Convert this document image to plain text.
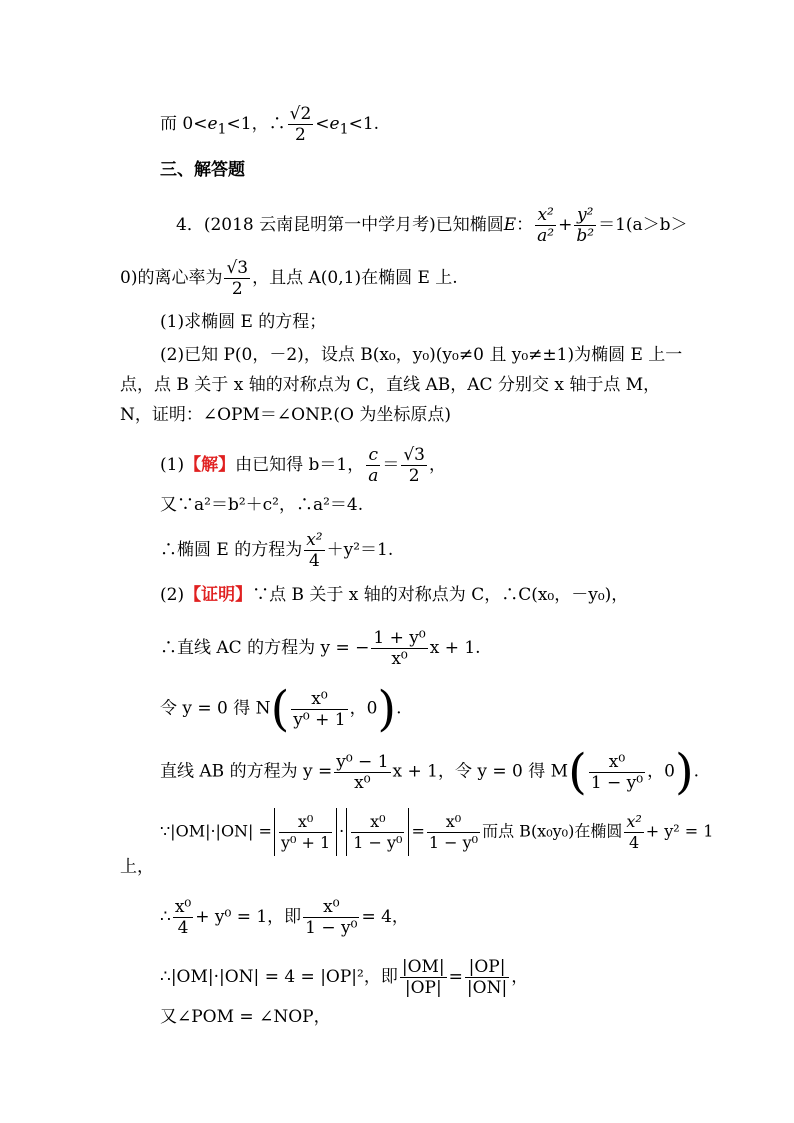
而 $0<e_1<1$，∴ $\frac{√2}{2} <e_1<1$.
三、解答题
4．(2018 云南昆明第一中学月考)已知椭圆E： $\frac{\text{x²}}{\text{a²}} + \frac{\text{y²}}{\text{b²}} =1(a>b>$
0)的离心率为 $\frac{√3}{2}$ ，且点 A(0,1)在椭圆 E 上.
(1)求椭圆 E 的方程；
(2)已知 P(0，－2)，设点 B(x₀，y₀)(y₀≠0 且 y₀≠±1)为椭圆 E 上一
点，点 B 关于 x 轴的对称点为 C，直线 AB，AC 分别交 x 轴于点 M，
N，证明：∠OPM＝∠ONP.(O 为坐标原点)
(1)【解】由已知得 b＝1， $\frac{c}{a} = \frac{√3}{2}$ ，
又∵a²＝b²＋c²，∴a²＝4.
∴椭圆 E 的方程为 $\frac{\text{x²}}{4} +y^2=1$.
(2)【证明】∵点 B 关于 x 轴的对称点为 C，∴C(x₀，－y₀)，
∴直线 AC 的方程为 y = − $\frac{\text{1 + y⁰}}{\text{x⁰}}$ x + 1.
令 y = 0 得 $N( \frac{\text{x⁰}}{\text{y⁰ + 1}}$ ，0).
直线 AB 的方程为 $y = \frac{\text{y⁰ − 1}}{\text{x⁰}}$ x + 1，令 y = 0 得 $M( \frac{\text{x⁰}}{\text{1 − y⁰}}$ ，0).
∵|OM|·|ON| = $\frac{\text{x⁰}}{\text{y⁰ + 1}} \cdot \frac{\text{x⁰}}{\text{1 − y⁰}} = \frac{\text{x⁰}}{\text{1 − y⁰}}$ 而点 B(x₀y₀)在椭圆 $\frac{\text{x²}}{4} + y^2 = 1$
上，
∴ $\frac{\text{x⁰}}{4} + y^0 = 1$，即 $\frac{\text{x⁰}}{\text{1 − y⁰}} = 4$，
∴|OM|·|ON| = 4 = |OP|²，即 $\frac{|OM|}{|OP|} = \frac{|OP|}{|ON|}$ ，
又∠POM = ∠NOP，
